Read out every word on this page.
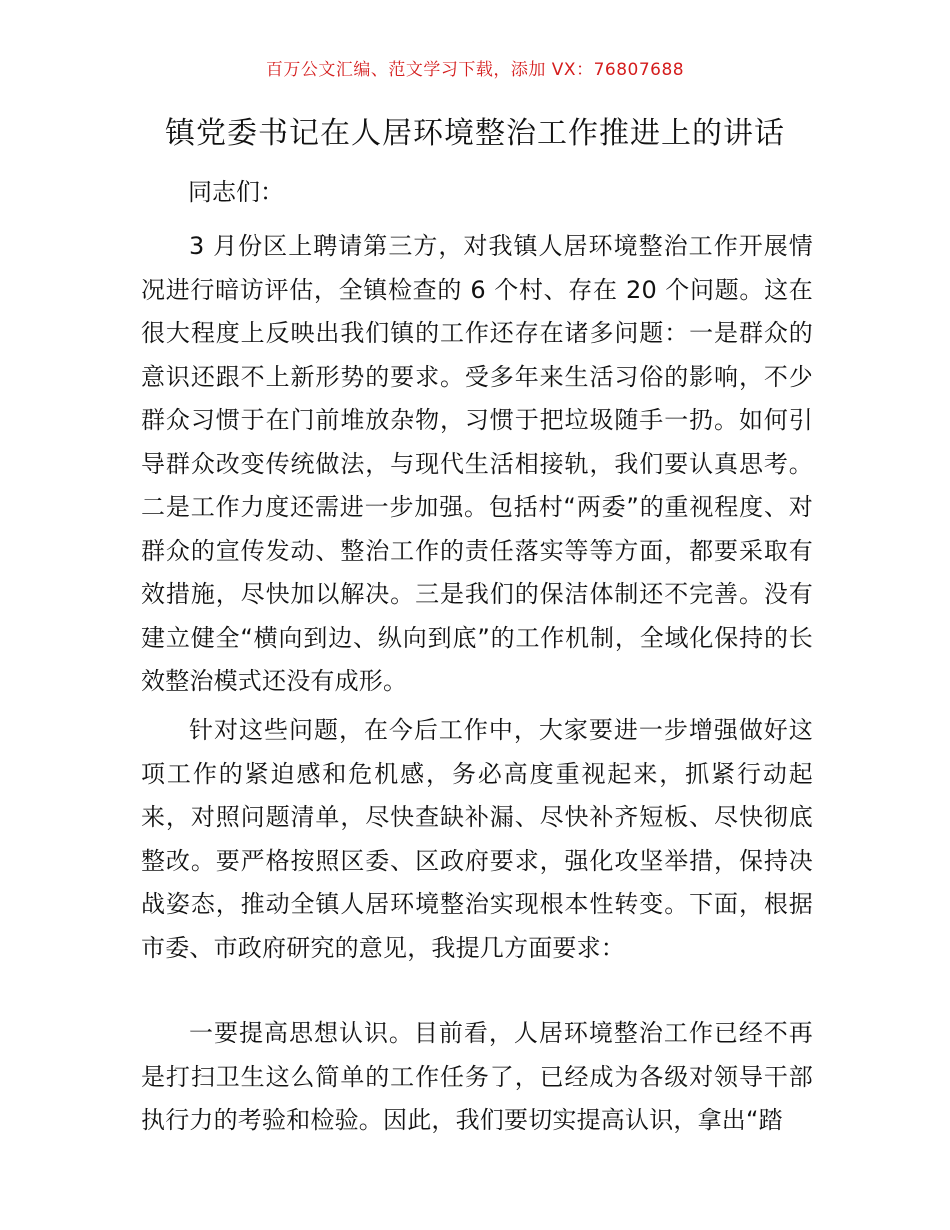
百万公文汇编、范文学习下载，添加 VX：76807688
镇党委书记在人居环境整治工作推进上的讲话

同志们：

3 月份区上聘请第三方，对我镇人居环境整治工作开展情况进行暗访评估，全镇检查的 6 个村、存在 20 个问题。这在很大程度上反映出我们镇的工作还存在诸多问题：一是群众的意识还跟不上新形势的要求。受多年来生活习俗的影响，不少群众习惯于在门前堆放杂物，习惯于把垃圾随手一扔。如何引导群众改变传统做法，与现代生活相接轨，我们要认真思考。二是工作力度还需进一步加强。包括村“两委”的重视程度、对群众的宣传发动、整治工作的责任落实等等方面，都要采取有效措施，尽快加以解决。三是我们的保洁体制还不完善。没有建立健全“横向到边、纵向到底”的工作机制，全域化保持的长效整治模式还没有成形。

针对这些问题，在今后工作中，大家要进一步增强做好这项工作的紧迫感和危机感，务必高度重视起来，抓紧行动起来，对照问题清单，尽快查缺补漏、尽快补齐短板、尽快彻底整改。要严格按照区委、区政府要求，强化攻坚举措，保持决战姿态，推动全镇人居环境整治实现根本性转变。下面，根据市委、市政府研究的意见，我提几方面要求：

一要提高思想认识。目前看，人居环境整治工作已经不再是打扫卫生这么简单的工作任务了，已经成为各级对领导干部执行力的考验和检验。因此，我们要切实提高认识，拿出“踏
